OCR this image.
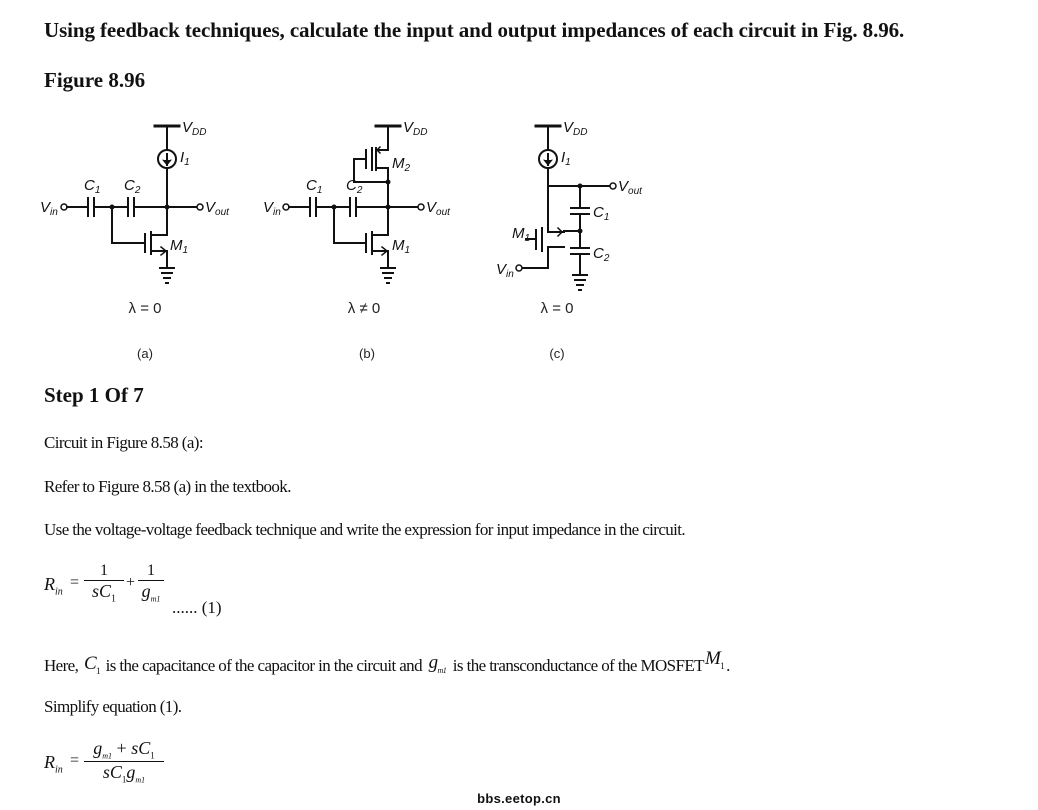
Using feedback techniques, calculate the input and output impedances of each circuit in Fig. 8.96.
Figure 8.96
$V_{DD}$
$I_1$
$C_1$ $C_2$
$V_{in}$	$V_{out}$
$M_1$
$V_{DD}$
$M_2$
$C_1$ $C_2$
$V_{in}$	$V_{out}$
$M_1$
$V_{DD}$
$I_1$
$V_{out}$
$C_1$
$M_1$
$C_2$
$V_{in}$
λ = 0	λ ≠ 0	λ = 0
(a)	(b)	(c)
Step 1 Of 7
Circuit in Figure 8.58 (a):
Refer to Figure 8.58 (a) in the textbook.
Use the voltage-voltage feedback technique and write the expression for input impedance in the circuit.
$R_{in}$
=
1
$sC_1$
+
1
$g_{m1}$ ...... (1)
Here, $C_1$ is the capacitance of the capacitor in the circuit and $g_{m1}$ is the transconductance of the $MOSFETM_1$ .
Simplify equation (1).
$R_{in}$
=
$g_{m1} + sC_1$
$sC_1g_{m1}$
bbs.eetop.cn
